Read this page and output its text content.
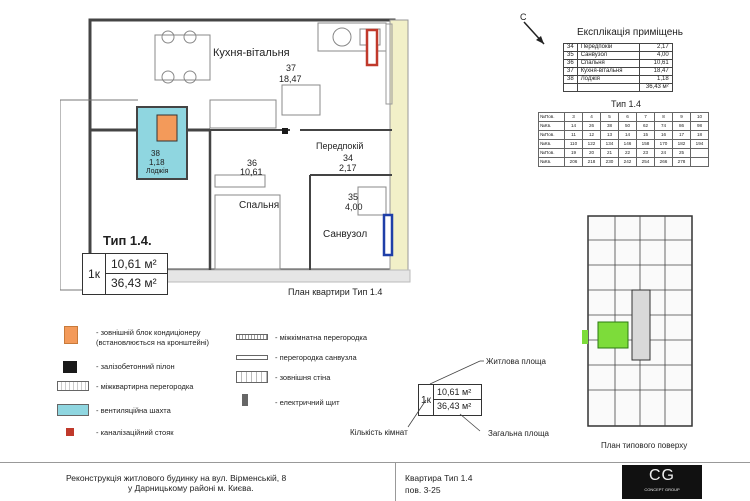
Кухня-вітальня
37
18,47
38
1,18
Лоджія
36
10,61
Спальня
Передпокій
34
2,17
35
4,00
Санвузол
Тип 1.4.
1к
10,61 м²
36,43 м²
План квартири Тип 1.4
С
Експлікація приміщень
34	Передпокій	2,17
35	Санвузол	4,00
36	Спальня	10,61
37	Кухня-вітальня	18,47
38	Лоджія	1,18
		36,43 м²
Тип 1.4
№Пов.	3	4	5	6	7	8	9	10
№Кв.	14	26	38	50	62	74	86	98
№Пов.	11	12	13	14	15	16	17	18
№Кв.	110	122	134	146	158	170	182	194
№Пов.	19	20	21	22	23	24	25	
№Кв.	206	218	230	242	254	266	278	
План типового поверху
- зовнішній блок кондиціонеру
(встановлюється на кронштейні)
- залізобетонний пілон
- міжквартирна перегородка
- вентиляційна шахта
- каналізаційний стояк
- міжкімнатна перегородка
- перегородка санвузла
- зовнішня стіна
- електричний щит
Житлова площа
1к
10,61 м²
36,43 м²
Кількість кімнат	Загальна площа
Реконструкція житлового будинку на вул. Вірменській, 8
у Дарницькому районі м. Києва.
Квартира Тип 1.4
пов. 3-25
CG
CONCEPT GROUP
